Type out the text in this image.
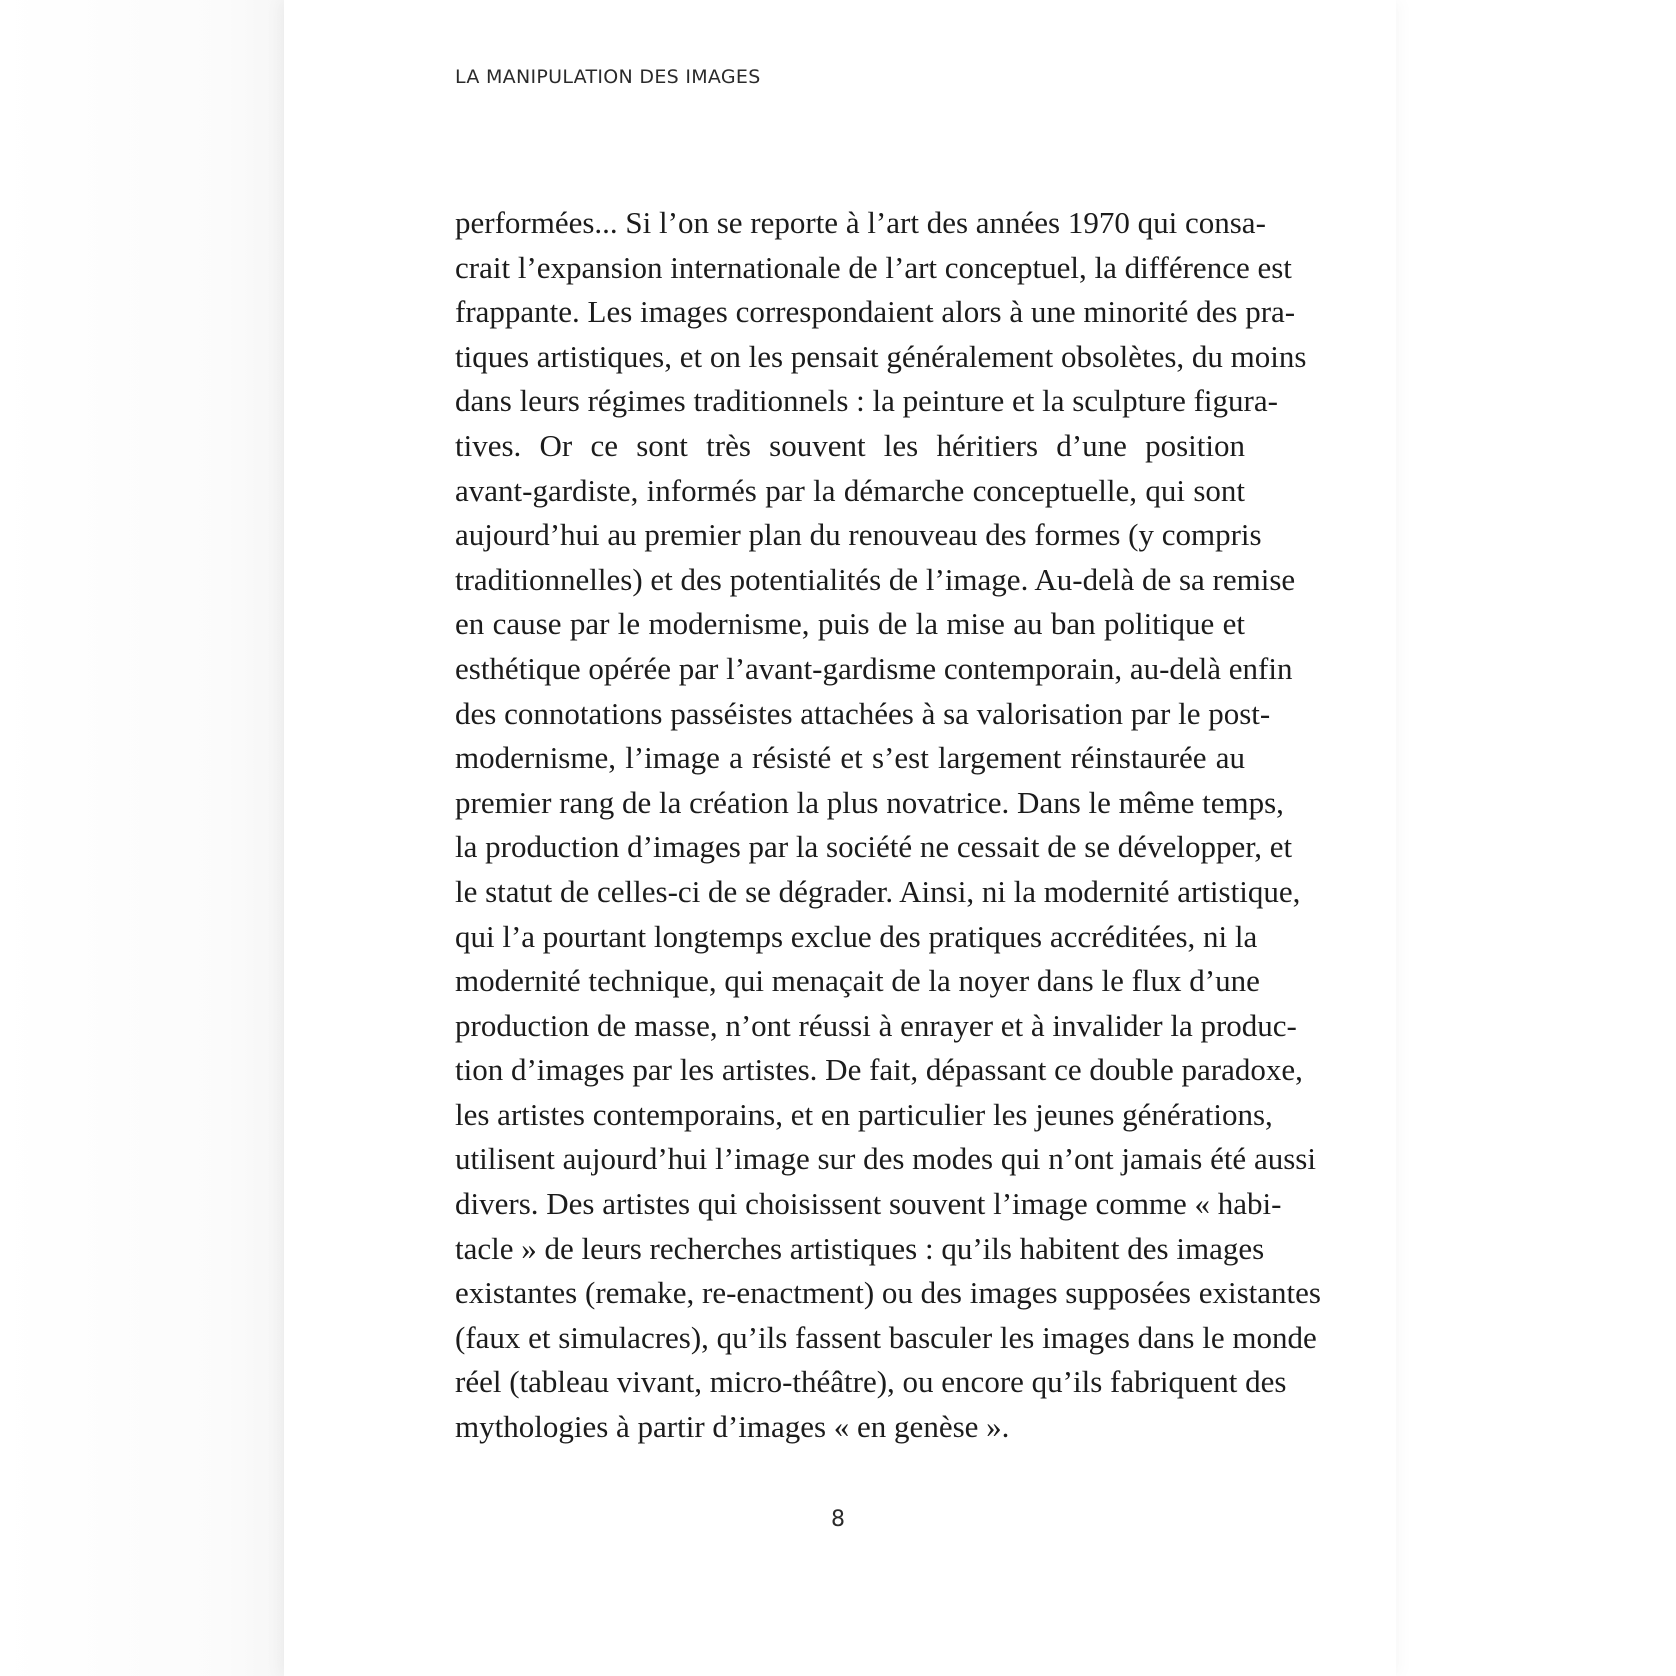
LA MANIPULATION DES IMAGES
performées... Si l’on se reporte à l’art des années 1970 qui consa-
crait l’expansion internationale de l’art conceptuel, la différence est
frappante. Les images correspondaient alors à une minorité des pra-
tiques artistiques, et on les pensait généralement obsolètes, du moins
dans leurs régimes traditionnels : la peinture et la sculpture figura-
tives. Or ce sont très souvent les héritiers d’une position
avant-gardiste, informés par la démarche conceptuelle, qui sont
aujourd’hui au premier plan du renouveau des formes (y compris
traditionnelles) et des potentialités de l’image. Au-delà de sa remise
en cause par le modernisme, puis de la mise au ban politique et
esthétique opérée par l’avant-gardisme contemporain, au-delà enfin
des connotations passéistes attachées à sa valorisation par le post-
modernisme, l’image a résisté et s’est largement réinstaurée au
premier rang de la création la plus novatrice. Dans le même temps,
la production d’images par la société ne cessait de se développer, et
le statut de celles-ci de se dégrader. Ainsi, ni la modernité artistique,
qui l’a pourtant longtemps exclue des pratiques accréditées, ni la
modernité technique, qui menaçait de la noyer dans le flux d’une
production de masse, n’ont réussi à enrayer et à invalider la produc-
tion d’images par les artistes. De fait, dépassant ce double paradoxe,
les artistes contemporains, et en particulier les jeunes générations,
utilisent aujourd’hui l’image sur des modes qui n’ont jamais été aussi
divers. Des artistes qui choisissent souvent l’image comme « habi-
tacle » de leurs recherches artistiques : qu’ils habitent des images
existantes (remake, re-enactment) ou des images supposées existantes
(faux et simulacres), qu’ils fassent basculer les images dans le monde
réel (tableau vivant, micro-théâtre), ou encore qu’ils fabriquent des
mythologies à partir d’images « en genèse ».
8
